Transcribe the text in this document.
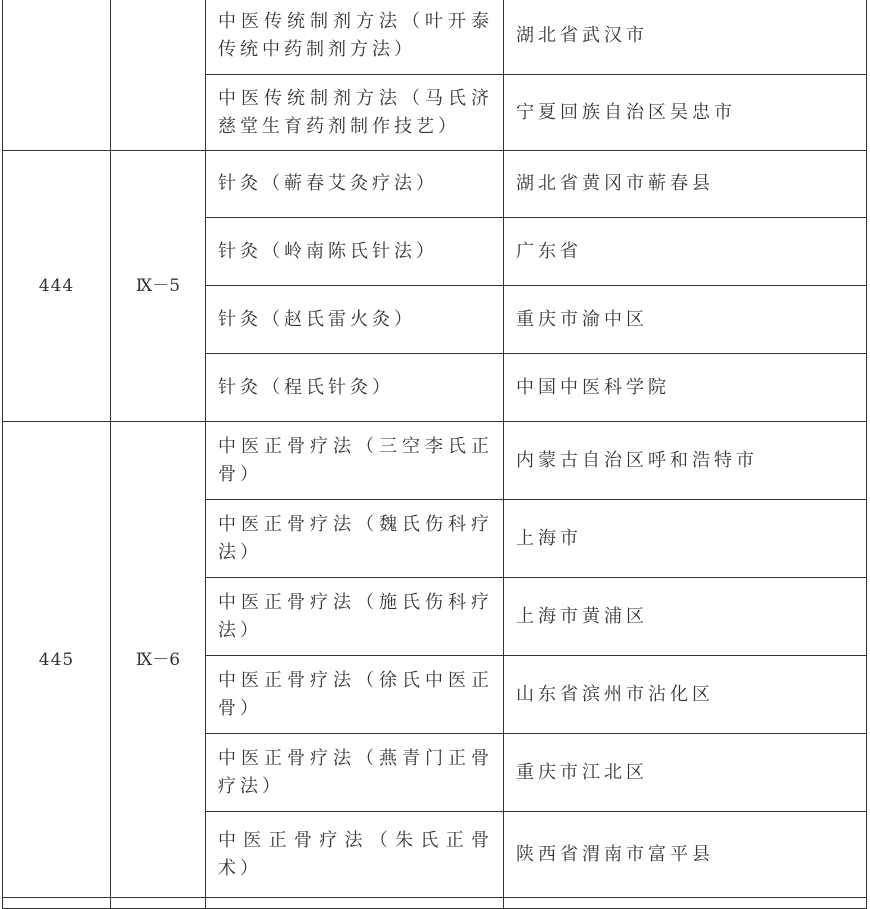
		中医传统制剂方法（叶开泰传统中药制剂方法）	湖北省武汉市
		中医传统制剂方法（马氏济慈堂生育药剂制作技艺）	宁夏回族自治区吴忠市
444	Ⅸ－5	针灸（蕲春艾灸疗法）	湖北省黄冈市蕲春县
		针灸（岭南陈氏针法）	广东省
		针灸（赵氏雷火灸）	重庆市渝中区
		针灸（程氏针灸）	中国中医科学院
445	Ⅸ－6	中医正骨疗法（三空李氏正骨）	内蒙古自治区呼和浩特市
		中医正骨疗法（魏氏伤科疗法）	上海市
		中医正骨疗法（施氏伤科疗法）	上海市黄浦区
		中医正骨疗法（徐氏中医正骨）	山东省滨州市沾化区
		中医正骨疗法（燕青门正骨疗法）	重庆市江北区
		中医正骨疗法（朱氏正骨术）	陕西省渭南市富平县
